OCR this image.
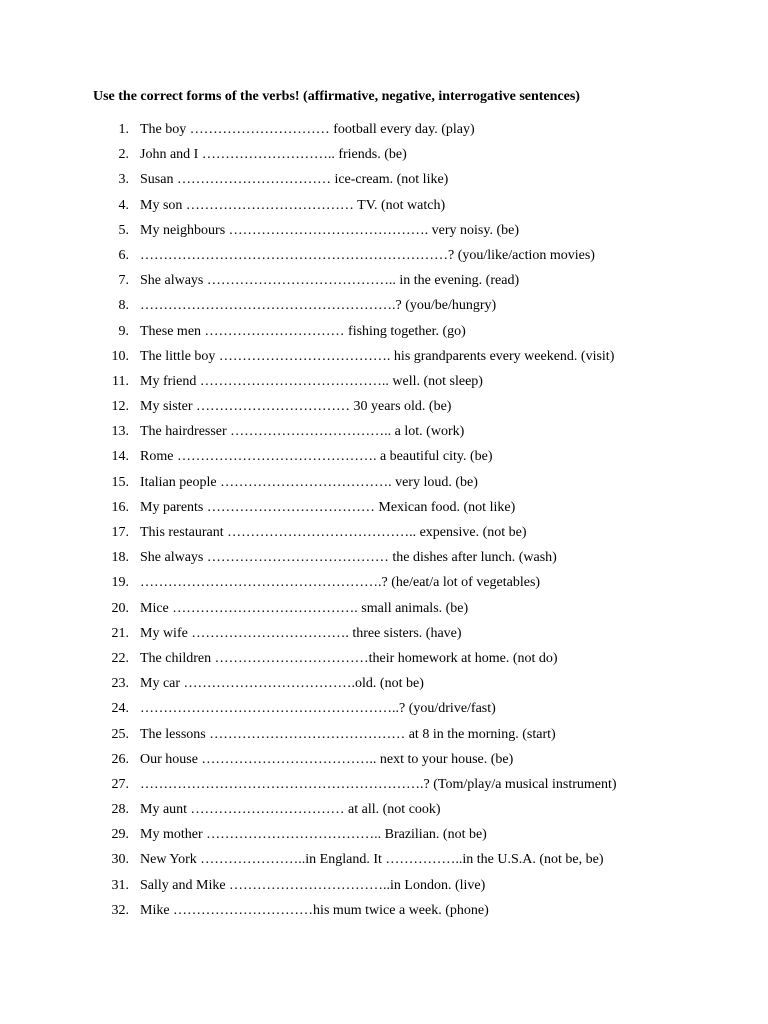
Use the correct forms of the verbs! (affirmative, negative, interrogative sentences)
1. The boy ………………………… football every day. (play)
2. John and I ……………………….. friends. (be)
3. Susan …………………………… ice-cream. (not like)
4. My son ……………………………… TV. (not watch)
5. My neighbours ……………………………………. very noisy. (be)
6. …………………………………………………………? (you/like/action movies)
7. She always ………………………………….. in the evening. (read)
8. ……………………………………………….? (you/be/hungry)
9. These men ………………………… fishing together. (go)
10. The little boy ………………………………. his grandparents every weekend. (visit)
11. My friend ………………………………….. well. (not sleep)
12. My sister …………………………… 30 years old. (be)
13. The hairdresser …………………………….. a lot. (work)
14. Rome ……………………………………. a beautiful city. (be)
15. Italian people ………………………………. very loud. (be)
16. My parents ……………………………… Mexican food. (not like)
17. This restaurant ………………………………….. expensive. (not be)
18. She always ………………………………… the dishes after lunch. (wash)
19. …………………………………………….? (he/eat/a lot of vegetables)
20. Mice …………………………………. small animals. (be)
21. My wife ……………………………. three sisters. (have)
22. The children ……………………………their homework at home. (not do)
23. My car ……………………………….old. (not be)
24. ………………………………………………..? (you/drive/fast)
25. The lessons …………………………………… at 8 in the morning. (start)
26. Our house ……………………………….. next to your house. (be)
27. …………………………………………………….? (Tom/play/a musical instrument)
28. My aunt …………………………… at all. (not cook)
29. My mother ……………………………….. Brazilian. (not be)
30. New York …………………..in England. It ……………..in the U.S.A. (not be, be)
31. Sally and Mike ……………………………..in London. (live)
32. Mike …………………………his mum twice a week. (phone)
